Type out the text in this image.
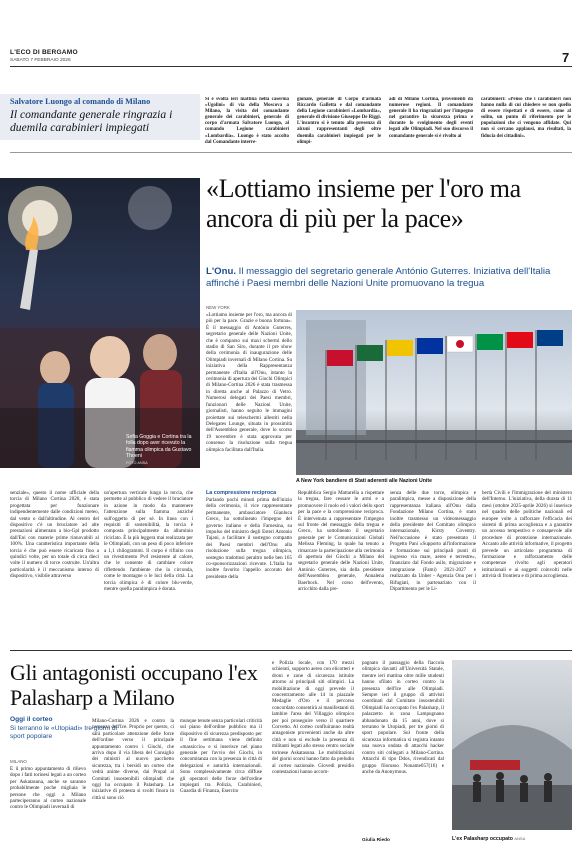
L'ECO DI BERGAMO
SABATO 7 FEBBRAIO 2026	7
Salvatore Luongo al comando di Milano
Il comandante generale ringrazia i duemila carabinieri impiegati
Si è svolta ieri mattina nella caserma «Ugolini» di via della Moscova a Milano, la visita del comandante generale dei carabinieri, generale di corpo d'armata Salvatore Luongo, al comando Legione carabinieri «Lombardia». Luongo è stato accolto dal Comandante interre-
gionale, generale di Corpo d'armata Riccardo Galletta e dal comandante della Legione carabinieri «Lombardia», generale di divisione Giuseppe De Riggi. L'incontro si è tenuto alla presenza di alcuni rappresentanti degli oltre duemila carabinieri impiegati per le olimpi-
adi di Milano Cortina, provenienti da numerose regioni. Il comandante generale li ha ringraziati per l'impegno nel garantire la sicurezza prima e durante lo svolgimento degli eventi legati alle Olimpiadi. Nel suo discorso il comandante generale si è rivolto ai
carabinieri: «Penso che i carabinieri non hanno nulla di cui chiedere se non quello di essere rispettati e di essere, come al solito, un punto di riferimento per le popolazioni che ci vengono affidate. Qui non si cercano applausi, ma risultati, la fiducia dei cittadini».
Sofia Goggia e Cortina tra la folla dopo aver ricevuto la fiamma olimpica da Gustavo Thoeni
FOTO ANSA
«Lottiamo insieme per l'oro ma ancora di più per la pace»
L'Onu. Il messaggio del segretario generale António Guterres. Iniziativa dell'Italia affinché i Paesi membri delle Nazioni Unite promuovano la tregua
NEW YORK
«Lottiamo insieme per l'oro, ma ancora di più per la pace. Grazie e buona fortuna». È il messaggio di António Guterres, segretario generale delle Nazioni Unite, che è comparso sui maxi schermi dello stadio di San Siro, durante il pre show della cerimonia di inaugurazione delle Olimpiadi invernali di Milano Cortina. Su iniziativa della Rappresentanza permanente d'Italia all'Onu, intanto la cerimonia di apertura dei Giochi Olimpici di Milano-Cortina 2026 è stata trasmessa in diretta anche al Palazzo di Vetro. Numerosi delegati dei Paesi membri, funzionari delle Nazioni Unite, giornalisti, hanno seguito le immagini proiettate sui teleschermi allestiti nella Delegates Lounge, situata in prossimità dell'Assemblea generale, dove lo scorso 19 novembre è stata approvata per consenso la risoluzione sulla tregua olimpica facilitata dall'Italia.
A New York bandiere di Stati aderenti alle Nazioni Unite
senziale», questo il nome ufficiale della torcia di Milano Cortina 2026, è stata progettata per funzionare indipendentemente dalle condizioni meteo, dal vento o dall'altitudine. Al centro del dispositivo c'è un bruciatore ad alte prestazioni alimentato a bio-Gpl prodotto dall'Eni con materie prime rinnovabili al 100%. Una caratteristica importante della torcia è che può essere ricaricata fino a quindici volte, per un totale di circa dieci volte il numero di torce costruite. Un'altra particolarità è il meccanismo interno di dispositivo, visibile attraverso
un'apertura verticale lungo la torcia, che permette al pubblico di vedere il bruciatore in azione in modo da mantenere l'attenzione sulla fiamma anziché sull'oggetto di per sé. In linea con i requisiti di sostenibilità, la torcia è composta principalmente da alluminio riciclato. È la più leggera mai realizzata per le Olimpiadi, con un peso di poco inferiore a 1,1 chilogrammi. Il corpo è rifinito con un rivestimento Pvd resistente al calore, che le consente di cambiare colore riflettendo l'ambiente che la circonda, come le montagne o le luci della città. La torcia olimpica è di colore blu-verde, mentre quella paralimpica è dorata.
La compressione reciproca
Parlando pochi minuti prima dell'inizio della cerimonia, il vice rappresentante permanente, ambasciatore Gianluca Greco, ha sottolineato l'impegno del governo italiano e della Farnesina, su impulso del ministro degli Esteri Antonio Tajani, a facilitare il sostegno compatto dei Paesi membri dell'Onu alla risoluzione sulla tregua olimpica, sostegno tradottosi peraltro nelle ben 165 co-sponsorizzazioni ricevute. L'Italia ha inoltre favorito l'appello accorato del presidente della
Repubblica Sergio Mattarella a rispettare la tregua, fare cessare le armi e a promuovere il ruolo ed i valori dello sport per la pace e la comprensione reciproca. È intervenuta a rappresentare l'impegno sul fronte del messaggio della tregua e Greco, ha sottolineato il segretario generale per le Comunicazioni Globali Melissa Fleming, la quale ha tenuto a rimarcare la partecipazione alla cerimonia di apertura dei Giochi a Milano del segretario generale delle Nazioni Unite, António Guterres, sia della presidente dell'Assemblea generale, Annalena Baerbock. Nel corso dell'evento, arricchito dalla pre-
senza delle due torce, olimpica e paralimpica, messe a disposizione della rappresentanza italiana all'Onu dalla Fondazione Milano Cortina, è stato inoltre trasmesso un videomessaggio della presidente del Comitato olimpico internazionale, Kirsty Coventry. Nell'occasione è stato presentato il Progetto Pani «Supporto all'informazione e formazione sui principali punti di ingresso via mare, aereo e terrestre», finanziato dal Fondo asilo, migrazione e integrazione (Fami) 2021-2027 e realizzato da Unher - Agenzia Onu per i Rifugiati, in partenariato con il Dipartimento per le Li-
bertà Civili e l'Immigrazione del ministero dell'Interno. L'iniziativa, della durata di 11 mesi (ottobre 2025-aprile 2026) si inserisce nel quadro delle politiche nazionali ed europee volte a rafforzare l'efficacia dei sistemi di prima accoglienza e a garantire un accesso tempestivo e consapevole alle procedure di protezione internazionale. Accanto alle attività informative, il progetto prevede un articolato programma di formazione e rafforzamento delle competenze rivolto agli operatori istituzionali e ai soggetti coinvolti nelle attività di frontiera e di prima accoglienza.
Gli antagonisti occupano l'ex Palasharp a Milano
Oggi il corteo
Si terranno le «Utopiadi» tre giorni di sport popolare
MILANO
È il primo appuntamento di rilievo dopo i fatti torinesi legati a un corteo per Askatasuna, anche se saranno probabilmente poche migliaia le persone che oggi a Milano parteciperanno al corteo nazionale contro le Olimpiadi invernali di
Milano-Cortina 2026 e contro la presenza dell'Ice. Proprio per questo, ci sarà particolare attenzione delle forze dell'ordine verso il principale appuntamento contro i Giochi, che arriva dopo il via libera del Consiglio dei ministri al nuovo pacchetto sicurezza, tra i bersidi un corteo che vedrà anime diverse, dai Propal ai Comitati insostenibili olimpiadi che oggi ha occupato il Palasharp. Le iniziative di protesta si svolti finora in città si sono ciò
munque tenute senza particolari criticità sul piano dell'ordine pubblico ma il dispositivo di sicurezza predisposto per il fine settimana viene definito «massiccio» e si inserisce nel piano generale per l'avvio dei Giochi, in concomitanza con la presenza in città di delegazioni e autorità internazionali. Sono complessivamente circa diffuse gli operatori delle forze dell'ordine impiegati tra Polizia, Carabinieri, Guardia di Finanza, Esercito
e Polizia locale, con 170 mezzi schierati, supporto aereo con elicotteri e droni e zone di sicurezza istituite attorno ai principali siti olimpici. La mobilitazione di oggi prevede il concentramento alle 14 in piazzale Medaglie d'Oro e il percorso concordato consentirà ai manifestanti di lambire l'area del Villaggio olimpico per poi proseguire verso il quartiere Corvetto. Al corteo confluiranno realtà antagoniste provenienti anche da altre città e non si esclude la presenza di militanti legati allo stesso centro sociale torinese Askatasuna. Le mobilitazioni del giorni scorsi hanno fatto da preludio al corteo nazionale. Giovedì presidio contestazioni hanno accom-
pagnato il passaggio della fiaccola olimpica davanti all'Università Statale, mentre ieri mattina oltre mille studenti hanno sfilato in corteo contro la presenza dell'Ice alle Olimpiadi. Sempre ieri il gruppo di attivisti coordinati dal Comitato insostenibili Olimpiadi ha occupato l'ex Palasharp, il palazzetto in zona Lampugnano abbandonato da 15 anni, dove si terranno le Utopiadi, per tre giorni di sport popolare. Sul fronte della sicurezza informatica si registra intanto una nuova ondata di attacchi hacker contro siti collegati a Milano-Cortina. Attacchi di tipo Ddos, rivendicati dal gruppo filorusso Noname057(16) e anche da Anonymous.
Giulia Riedo	L'ex Palasharp occupato ANSA
